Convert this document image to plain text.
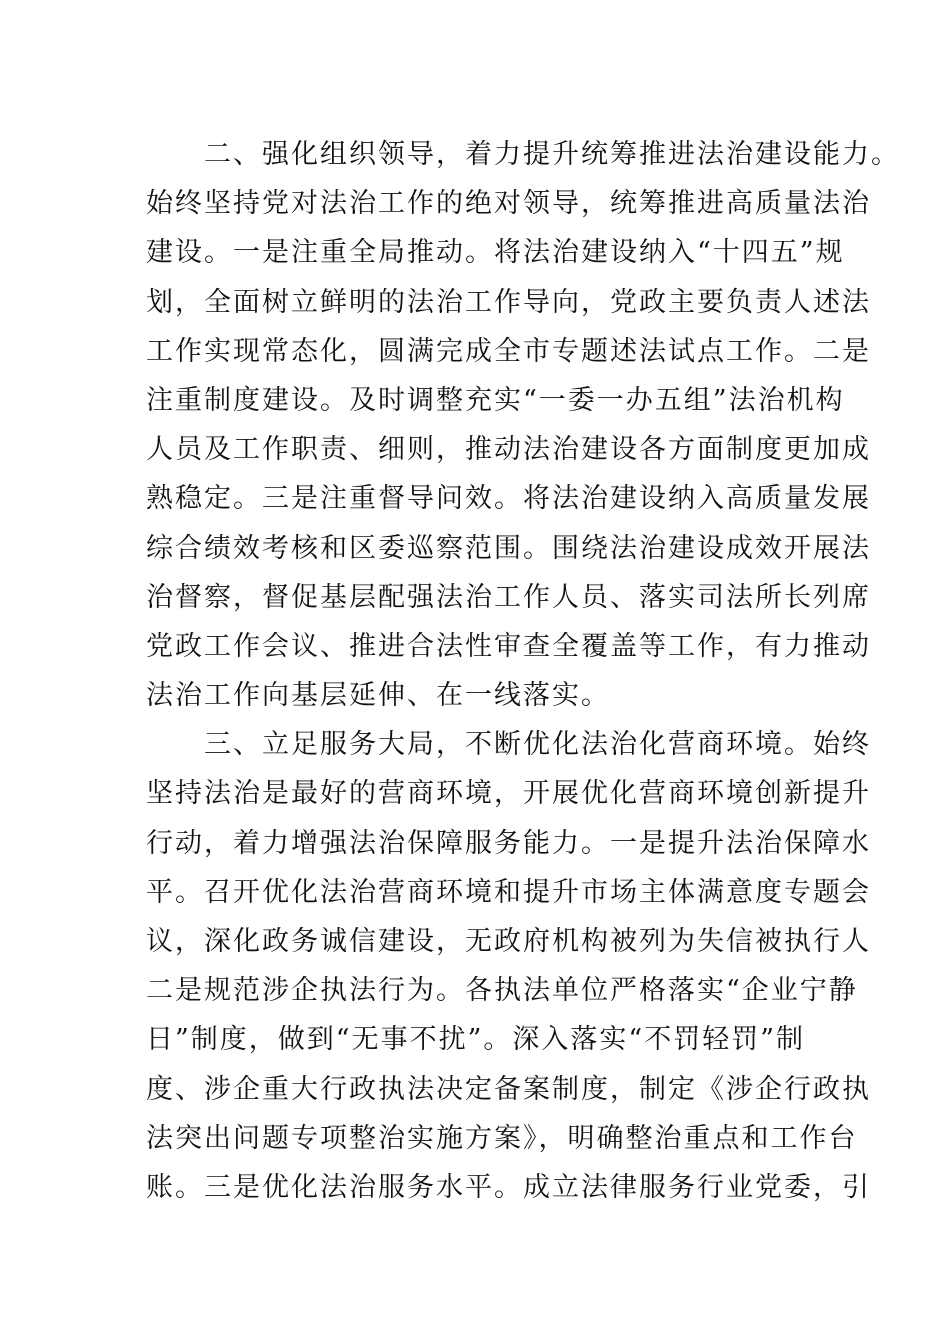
　　二、强化组织领导，着力提升统筹推进法治建设能力。
始终坚持党对法治工作的绝对领导，统筹推进高质量法治
建设。一是注重全局推动。将法治建设纳入“十四五”规
划，全面树立鲜明的法治工作导向，党政主要负责人述法
工作实现常态化，圆满完成全市专题述法试点工作。二是
注重制度建设。及时调整充实“一委一办五组”法治机构
人员及工作职责、细则，推动法治建设各方面制度更加成
熟稳定。三是注重督导问效。将法治建设纳入高质量发展
综合绩效考核和区委巡察范围。围绕法治建设成效开展法
治督察，督促基层配强法治工作人员、落实司法所长列席
党政工作会议、推进合法性审查全覆盖等工作，有力推动
法治工作向基层延伸、在一线落实。
　　三、立足服务大局，不断优化法治化营商环境。始终
坚持法治是最好的营商环境，开展优化营商环境创新提升
行动，着力增强法治保障服务能力。一是提升法治保障水
平。召开优化法治营商环境和提升市场主体满意度专题会
议，深化政务诚信建设，无政府机构被列为失信被执行人
二是规范涉企执法行为。各执法单位严格落实“企业宁静
日”制度，做到“无事不扰”。深入落实“不罚轻罚”制
度、涉企重大行政执法决定备案制度，制定《涉企行政执
法突出问题专项整治实施方案》，明确整治重点和工作台
账。三是优化法治服务水平。成立法律服务行业党委，引
